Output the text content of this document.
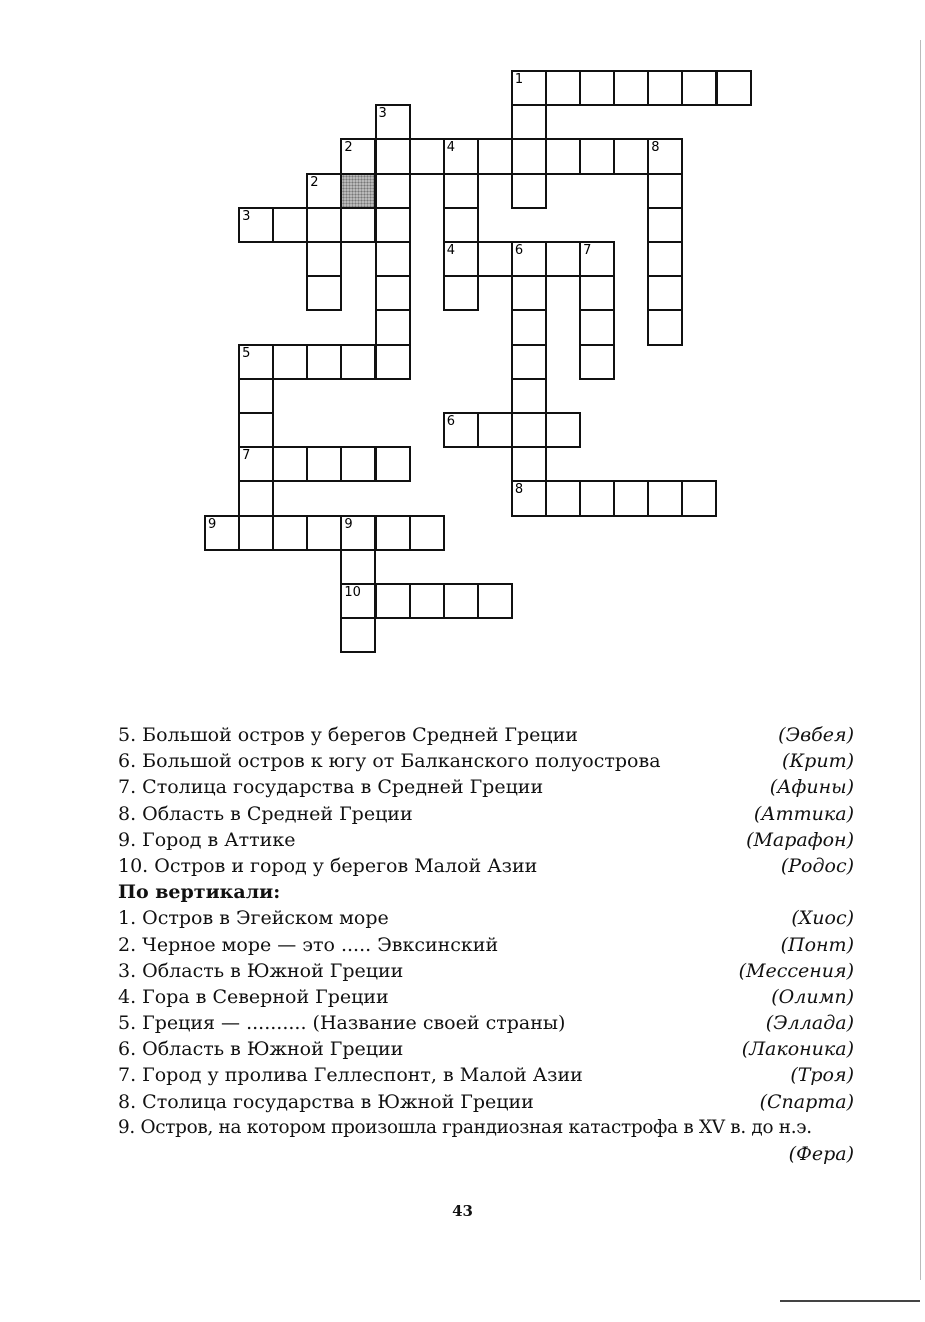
1
3
2	4	8
4
2
3
6	7
8
5
7
6
9	9
10
5. Большой остров у берегов Средней Греции	(Эвбея)
6. Большой остров к югу от Балканского полуострова	(Крит)
7. Столица государства в Средней Греции	(Афины)
8. Область в Средней Греции	(Аттика)
9. Город в Аттике	(Марафон)
10. Остров и город у берегов Малой Азии	(Родос)
По вертикали:
1. Остров в Эгейском море	(Хиос)
2. Черное море — это ..... Эвксинский	(Понт)
3. Область в Южной Греции	(Мессения)
4. Гора в Северной Греции	(Олимп)
5. Греция — .......... (Название своей страны)	(Эллада)
6. Область в Южной Греции	(Лаконика)
7. Город у пролива Геллеспонт, в Малой Азии	(Троя)
8. Столица государства в Южной Греции	(Спарта)
9. Остров, на котором произошла грандиозная катастрофа в XV в. до н.э.
(Фера)
43
